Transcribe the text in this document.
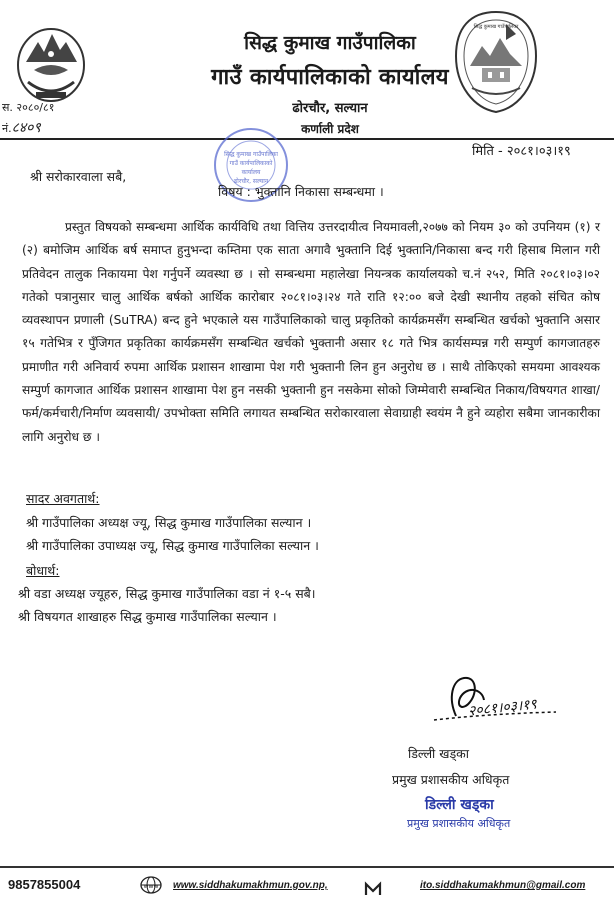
सिद्ध कुमाख गाउँपालिका
सिद्ध कुमाख गाउँपालिका
गाउँ कार्यपालिकाको कार्यालय
ढोरचौर, सल्यान
कर्णाली प्रदेश
स. २०८०/८१
नं.८४०९
सिद्ध कुमाख गाउँपालिका
गाउँ कार्यपालिकाको कार्यालय
ढोरचौर, सल्यान
मिति - २०८१।०३।१९
श्री सरोकारवाला सबै,
विषय : भुक्तानि निकासा सम्बन्धमा ।

प्रस्तुत विषयको सम्बन्धमा आर्थिक कार्यविधि तथा वित्तिय उत्तरदायीत्व नियमावली,२०७७ को नियम ३० को उपनियम (१) र (२) बमोजिम आर्थिक बर्ष समाप्त हुनुभन्दा कम्तिमा एक साता अगावै भुक्तानि दिई भुक्तानि/निकासा बन्द गरी हिसाब मिलान गरी प्रतिवेदन तालुक निकायमा पेश गर्नुपर्ने व्यवस्था छ । सो सम्बन्धमा महालेखा नियन्त्रक कार्यालयको च.नं २५२, मिति २०८१।०३।०२ गतेको पत्रानुसार चालु आर्थिक बर्षको आर्थिक कारोबार २०८१।०३।२४ गते राति १२:०० बजे देखी स्थानीय तहको संचित कोष व्यवस्थापन प्रणाली (SuTRA) बन्द हुने भएकाले यस गाउँपालिकाको चालु प्रकृतिको कार्यक्रमसँग सम्बन्धित खर्चको भुक्तानि असार १५ गतेभित्र र पुँजिगत प्रकृतिका कार्यक्रमसँग सम्बन्धित खर्चको भुक्तानी असार १८ गते भित्र कार्यसम्पन्न गरी सम्पुर्ण कागजातहरु प्रमाणीत गरी अनिवार्य रुपमा आर्थिक प्रशासन शाखामा पेश गरी भुक्तानी लिन हुन अनुरोध छ । साथै तोकिएको समयमा आवश्यक सम्पुर्ण कागजात आर्थिक प्रशासन शाखामा पेश हुन नसकी भुक्तानी हुन नसकेमा सोको जिम्मेवारी सम्बन्धित निकाय/विषयगत शाखा/ फर्म/कर्मचारी/निर्माण व्यवसायी/ उपभोक्ता समिति लगायत सम्बन्धित सरोकारवाला सेवाग्राही स्वयंम नै हुने व्यहोरा सबैमा जानकारीका लागि अनुरोध छ ।

सादर अवगतार्थ:
श्री गाउँपालिका अध्यक्ष ज्यू, सिद्ध कुमाख गाउँपालिका सल्यान ।
श्री गाउँपालिका उपाध्यक्ष ज्यू, सिद्ध कुमाख गाउँपालिका सल्यान ।
बोधार्थ:
श्री वडा अध्यक्ष ज्यूहरु, सिद्ध कुमाख गाउँपालिका वडा नं १-५ सबै।
श्री विषयगत शाखाहरु सिद्ध कुमाख गाउँपालिका सल्यान ।
२०८१।०३।१९
डिल्ली खड्का
प्रमुख प्रशासकीय अधिकृत
डिल्ली खड्का
प्रमुख प्रशासकीय अधिकृत
9857855004	www www.siddhakumakhmun.gov.np,	ito.siddhakumakhmun@gmail.com
